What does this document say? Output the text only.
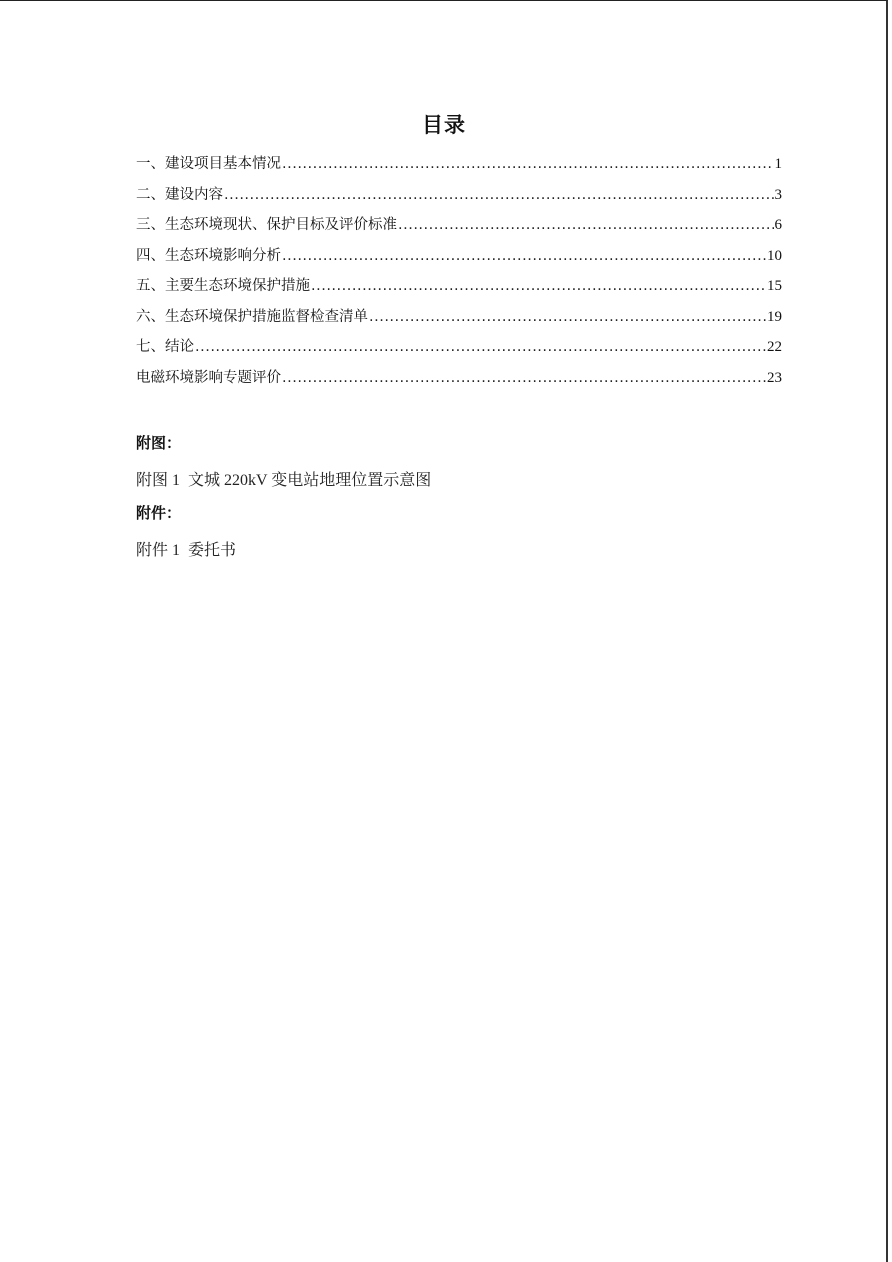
目录
一、建设项目基本情况 .....	1
二、建设内容 .....	3
三、生态环境现状、保护目标及评价标准 .....	6
四、生态环境影响分析 .....	10
五、主要生态环境保护措施 .....	15
六、生态环境保护措施监督检查清单 .....	19
七、结论 .....	22
电磁环境影响专题评价 .....	23
附图：
附图 1 文城 220kV 变电站地理位置示意图
附件：
附件 1 委托书
